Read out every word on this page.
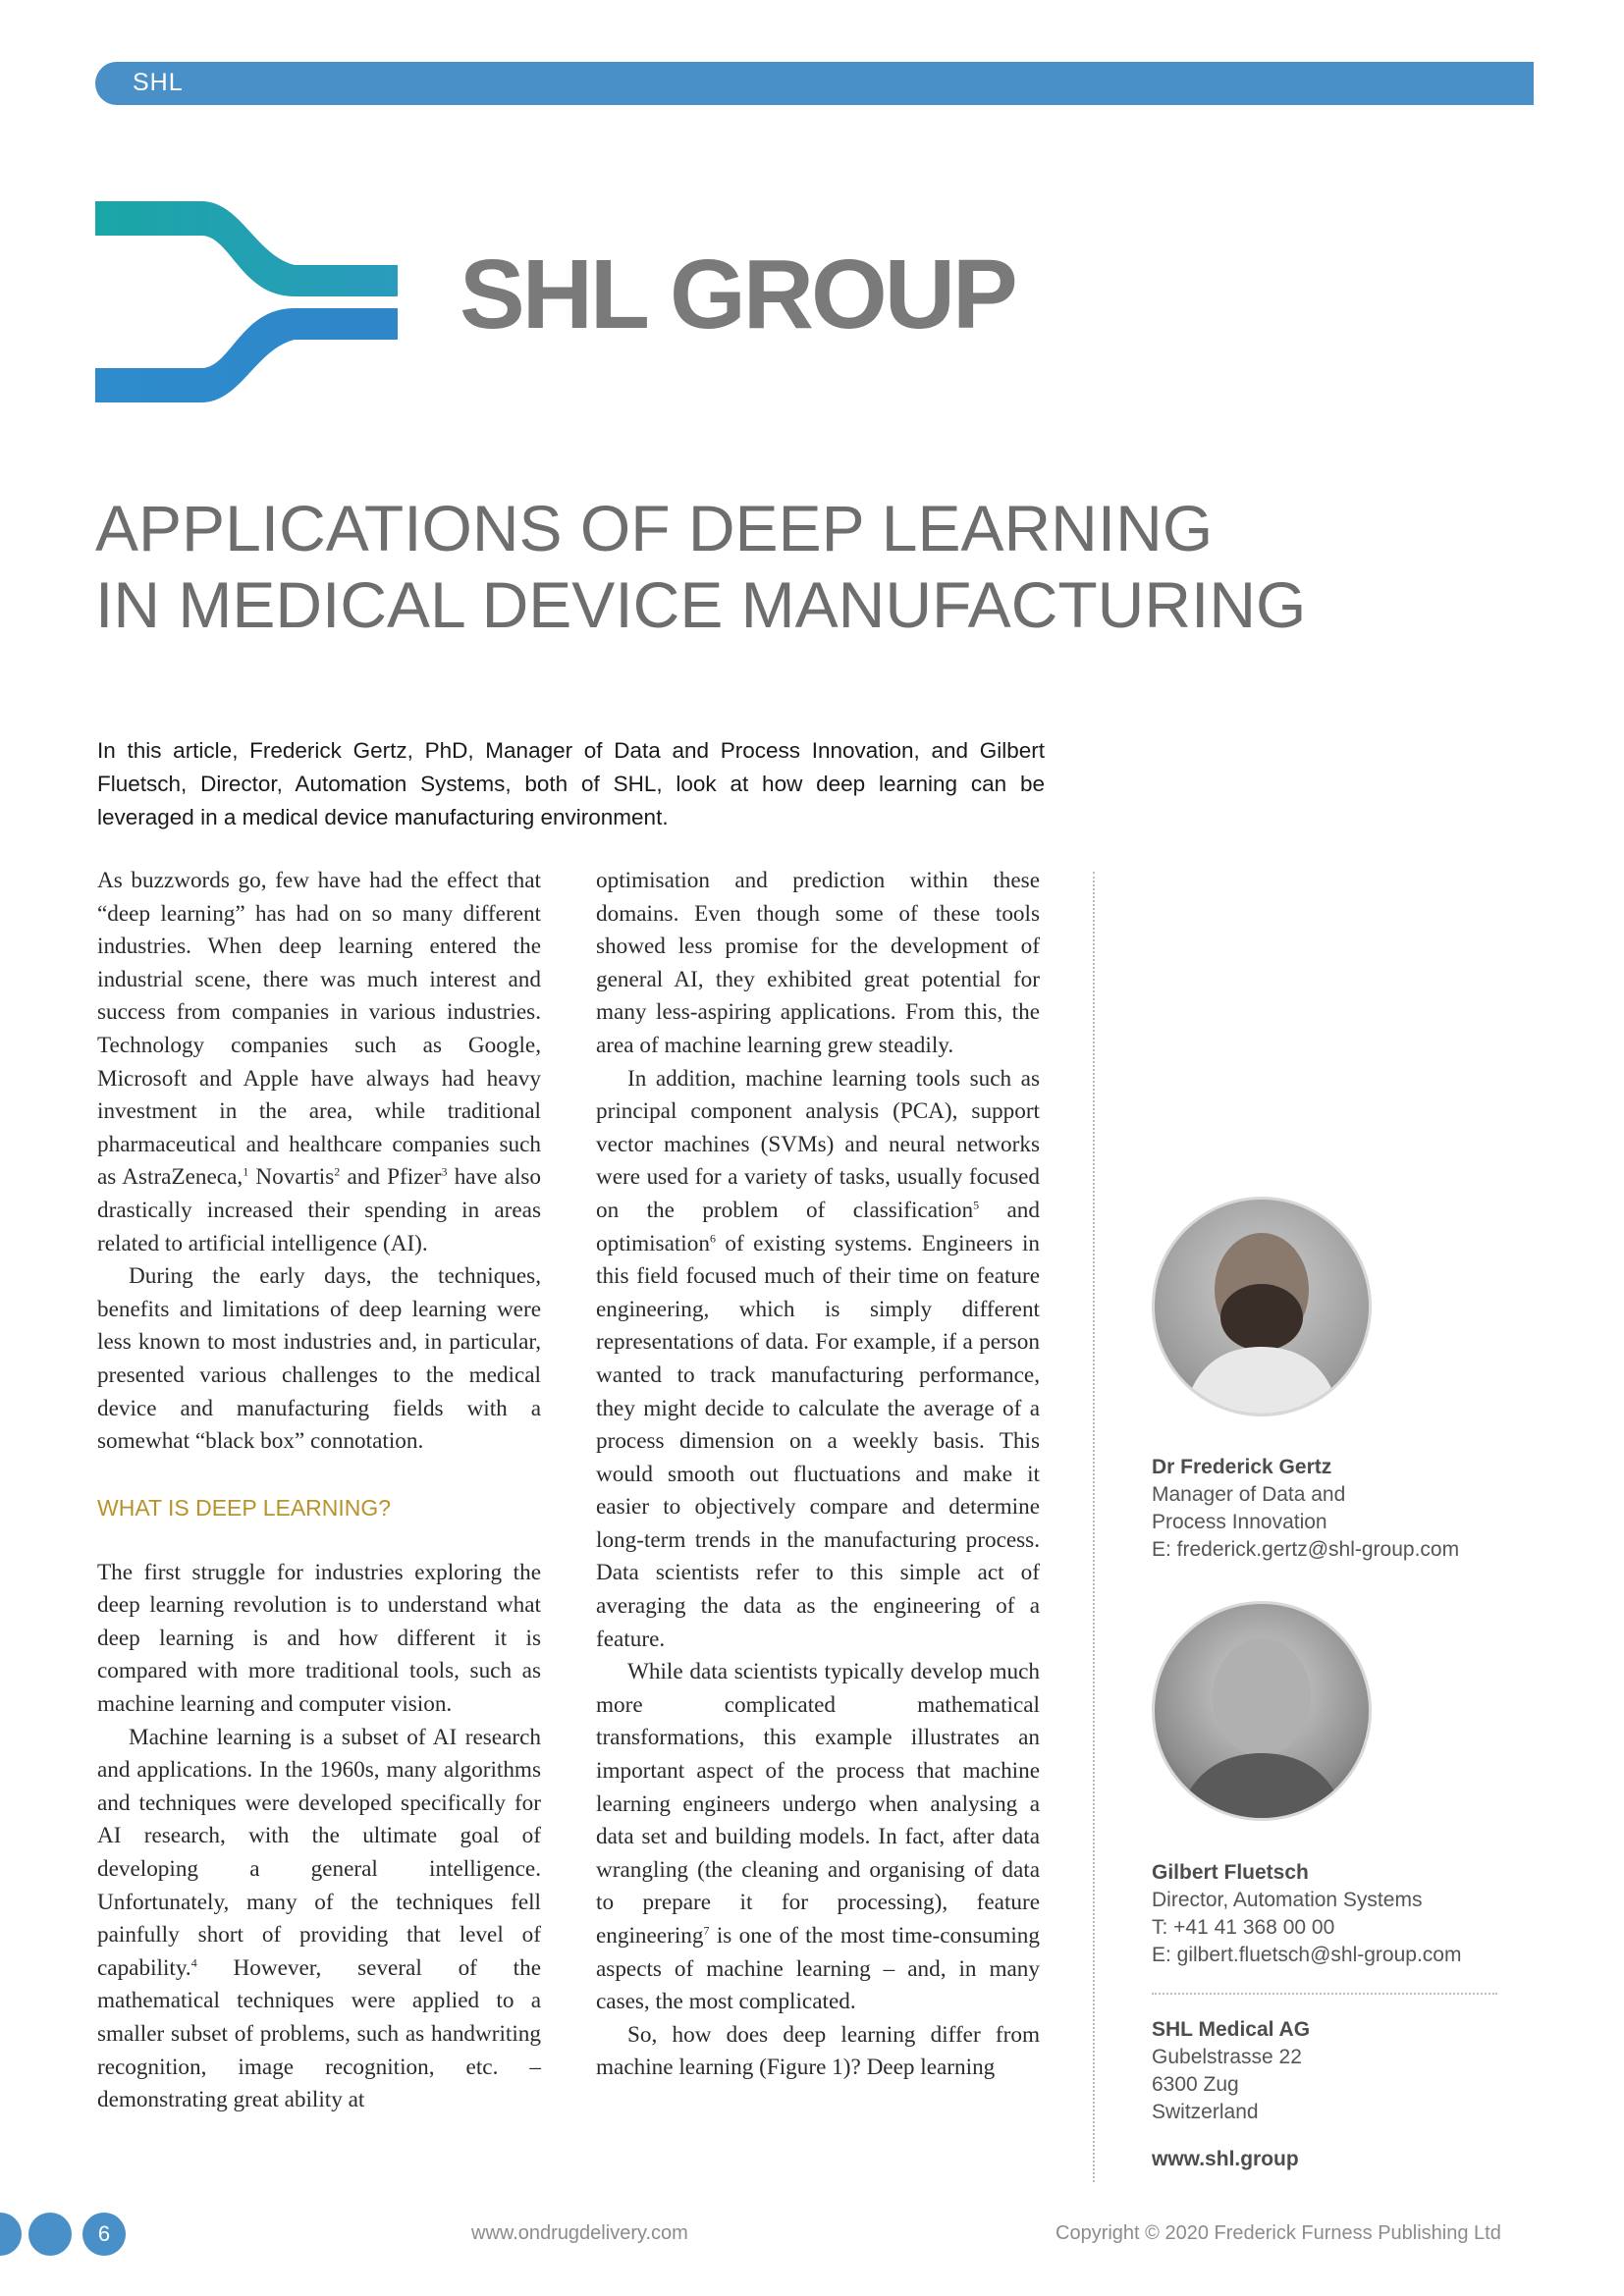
SHL
SHL GROUP
APPLICATIONS OF DEEP LEARNING
IN MEDICAL DEVICE MANUFACTURING
In this article, Frederick Gertz, PhD, Manager of Data and Process Innovation, and Gilbert Fluetsch, Director, Automation Systems, both of SHL, look at how deep learning can be leveraged in a medical device manufacturing environment.

As buzzwords go, few have had the effect that “deep learning” has had on so many different industries. When deep learning entered the industrial scene, there was much interest and success from companies in various industries. Technology companies such as Google, Microsoft and Apple have always had heavy investment in the area, while traditional pharmaceutical and healthcare companies such as AstraZeneca,$^1$ Novartis$^2$ and Pfizer$^3$ have also drastically increased their spending in areas related to artificial intelligence (AI).

During the early days, the techniques, benefits and limitations of deep learning were less known to most industries and, in particular, presented various challenges to the medical device and manufacturing fields with a somewhat “black box” connotation.

WHAT IS DEEP LEARNING?

The first struggle for industries exploring the deep learning revolution is to understand what deep learning is and how different it is compared with more traditional tools, such as machine learning and computer vision.

Machine learning is a subset of AI research and applications. In the 1960s, many algorithms and techniques were developed specifically for AI research, with the ultimate goal of developing a general intelligence. Unfortunately, many of the techniques fell painfully short of providing that level of capability.$^4$ However, several of the mathematical techniques were applied to a smaller subset of problems, such as handwriting recognition, image recognition, etc. – demonstrating great ability at

optimisation and prediction within these domains. Even though some of these tools showed less promise for the development of general AI, they exhibited great potential for many less-aspiring applications. From this, the area of machine learning grew steadily.

In addition, machine learning tools such as principal component analysis (PCA), support vector machines (SVMs) and neural networks were used for a variety of tasks, usually focused on the problem of classification$^5$ and optimisation$^6$ of existing systems. Engineers in this field focused much of their time on feature engineering, which is simply different representations of data. For example, if a person wanted to track manufacturing performance, they might decide to calculate the average of a process dimension on a weekly basis. This would smooth out fluctuations and make it easier to objectively compare and determine long-term trends in the manufacturing process. Data scientists refer to this simple act of averaging the data as the engineering of a feature.

While data scientists typically develop much more complicated mathematical transformations, this example illustrates an important aspect of the process that machine learning engineers undergo when analysing a data set and building models. In fact, after data wrangling (the cleaning and organising of data to prepare it for processing), feature engineering$^7$ is one of the most time-consuming aspects of machine learning – and, in many cases, the most complicated.

So, how does deep learning differ from machine learning (Figure 1)? Deep learning

Dr Frederick Gertz
Manager of Data and
Process Innovation
E: frederick.gertz@shl-group.com
Gilbert Fluetsch
Director, Automation Systems
T: +41 41 368 00 00
E: gilbert.fluetsch@shl-group.com
SHL Medical AG
Gubelstrasse 22
6300 Zug
Switzerland
www.shl.group
6	www.ondrugdelivery.com	Copyright © 2020 Frederick Furness Publishing Ltd
